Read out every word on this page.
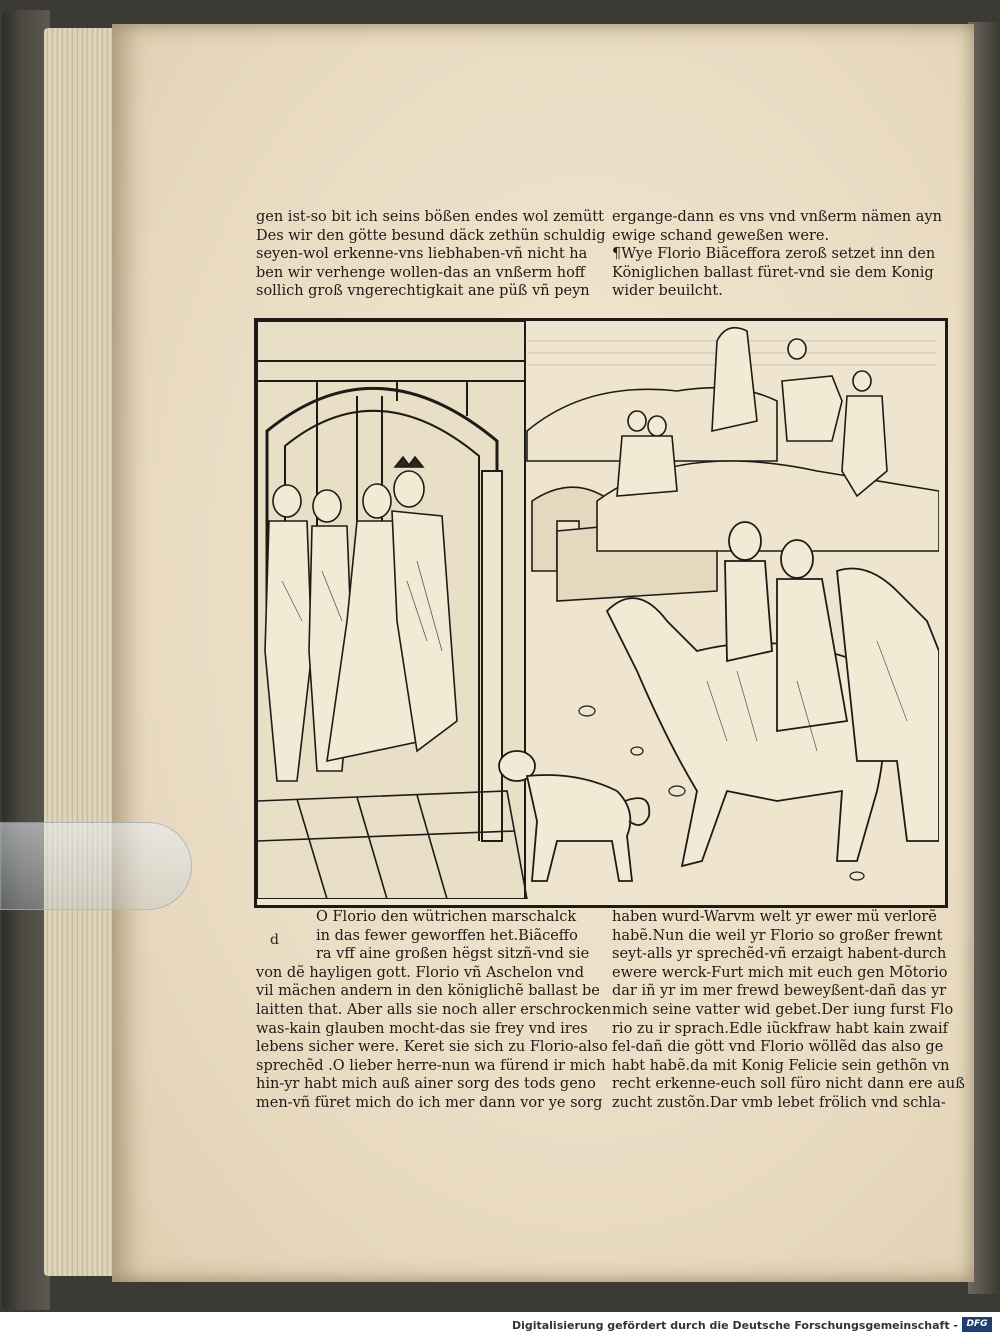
gen ist-so bit ich seins bößen endes wol zemütt
Des wir den götte besund däck zethün schuldig
seyen-wol erkenne-vns liebhaben-vñ nicht ha
ben wir verhenge wollen-das an vnßerm hoff
sollich groß vngerechtigkait ane püß vñ peyn
ergange-dann es vns vnd vnßerm nämen ayn
ewige schand geweßen were.
¶Wye Florio Biãceffora zeroß setzet inn den
Königlichen ballast füret-vnd sie dem Konig
wider beuilcht.
d
O Florio den wütrichen marschalck
in das fewer geworffen het.Biãceffo
ra vff aine großen hëgst sitzñ-vnd sie
von dẽ hayligen gott. Florio vñ Aschelon vnd
vil mächen andern in den königlichẽ ballast be
laitten that. Aber alls sie noch aller erschrocken
was-kain glauben mocht-das sie frey vnd ires
lebens sicher were. Keret sie sich zu Florio-also
sprechẽd .O lieber herre-nun wa fürend ir mich
hin-yr habt mich auß ainer sorg des tods geno
men-vñ füret mich do ich mer dann vor ye sorg
haben wurd-Warvm welt yr ewer mü verlorẽ
habẽ.Nun die weil yr Florio so großer frewnt
seyt-alls yr sprechẽd-vñ erzaigt habent-durch
ewere werck-Furt mich mit euch gen Mõtorio
dar iñ yr im mer frewd beweyßent-dañ das yr
mich seine vatter wid gebet.Der iung furst Flo
rio zu ir sprach.Edle iũckfraw habt kain zwaif
fel-dañ die gött vnd Florio wöllẽd das also ge
habt habẽ.da mit Konig Felicie sein gethõn vn
recht erkenne-euch soll füro nicht dann ere auß
zucht zustõn.Dar vmb lebet frölich vnd schla-
Digitalisierung gefördert durch die Deutsche Forschungsgemeinschaft - DFG
